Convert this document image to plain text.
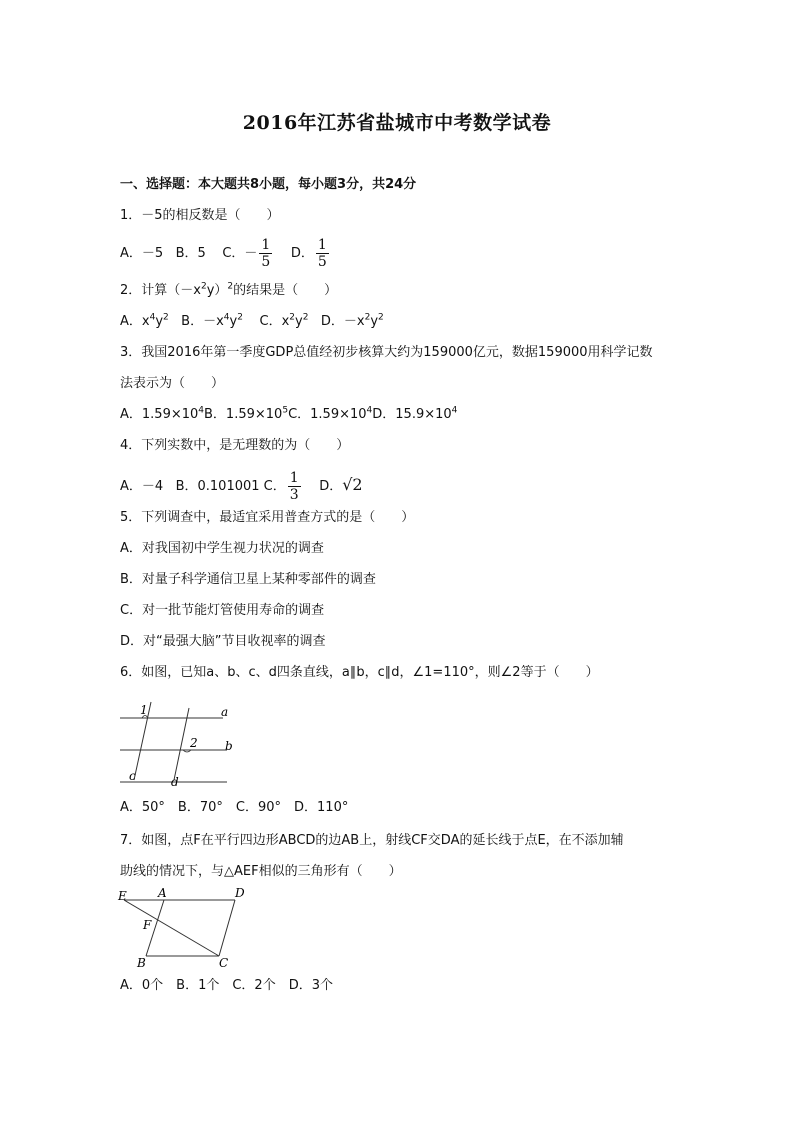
2016年江苏省盐城市中考数学试卷
一、选择题：本大题共8小题，每小题3分，共24分
1．－5的相反数是（　　）
A．－5 B．5 C．－ $\frac{1}{5}$ D． $\frac{1}{5}$
2．计算$(-x^2y)^2$的结果是（　　）
A．$x^4y^2$ B．$-x^4y^2$ C．$x^2y^2$ D．$-x^2y^2$
3．我国2016年第一季度GDP总值经初步核算大约为159000亿元，数据159000用科学记数
法表示为（　　）
A．$1.59\times 10^4B$．$1.59\times 10^5C$．$1.59\times 10^4D$．$15.9\times 10^4$
4．下列实数中，是无理数的为（　　）
A．－4 B．0.101001 C． $\frac{1}{3}$ D．√2
5．下列调查中，最适宜采用普查方式的是（　　）
A．对我国初中学生视力状况的调查
B．对量子科学通信卫星上某种零部件的调查
C．对一批节能灯管使用寿命的调查
D．对“最强大脑”节目收视率的调查
6．如图，已知a、b、c、d四条直线，a∥b，c∥d，∠1=110°，则∠2等于（　　）
1
2
a
b
c	d
A．50°　B．70°　C．90°　D．110°
7．如图，点F在平行四边形ABCD的边AB上，射线CF交DA的延长线于点E，在不添加辅
助线的情况下，与△AEF相似的三角形有（　　）
E	A	D
F
B	C
A．0个　B．1个　C．2个　D．3个
